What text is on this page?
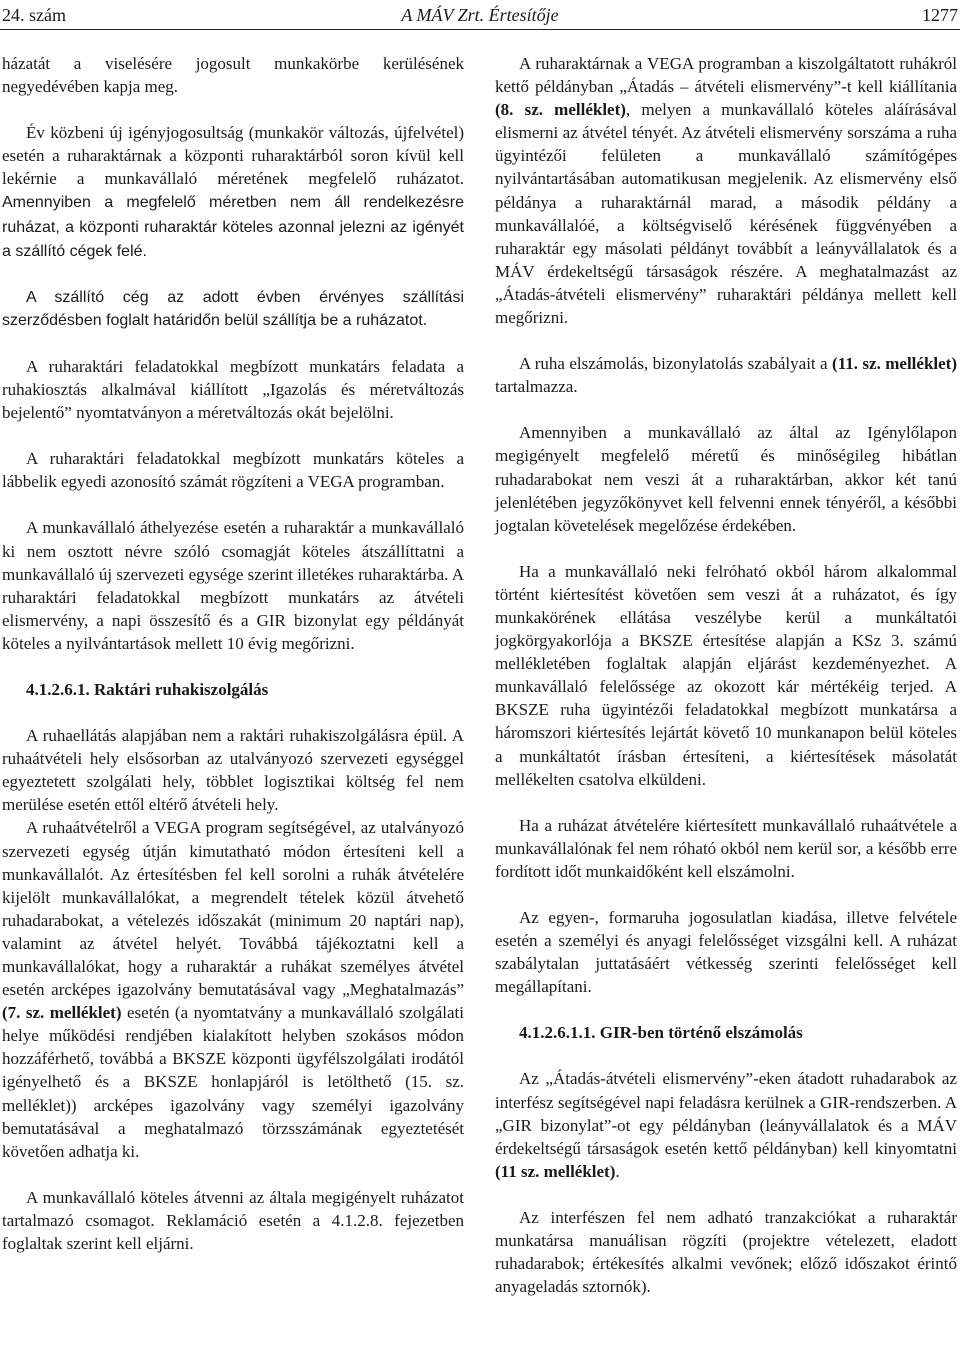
24. szám	A MÁV Zrt. Értesítője	1277

házatát a viselésére jogosult munkakörbe kerülésének negyedévében kapja meg.

Év közbeni új igényjogosultság (munkakör változás, újfelvétel) esetén a ruharaktárnak a központi ruharaktárból soron kívül kell lekérnie a munkavállaló méretének megfelelő ruházatot. Amennyiben a megfelelő méretben nem áll rendelkezésre ruházat, a központi ruharaktár köteles azonnal jelezni az igényét a szállító cégek felé.

A szállító cég az adott évben érvényes szállítási szerződésben foglalt határidőn belül szállítja be a ruházatot.

A ruharaktári feladatokkal megbízott munkatárs feladata a ruhakiosztás alkalmával kiállított „Igazolás és méretváltozás bejelentő” nyomtatványon a méretváltozás okát bejelölni.

A ruharaktári feladatokkal megbízott munkatárs köteles a lábbelik egyedi azonosító számát rögzíteni a VEGA programban.

A munkavállaló áthelyezése esetén a ruharaktár a munkavállaló ki nem osztott névre szóló csomagját köteles átszállíttatni a munkavállaló új szervezeti egysége szerint illetékes ruharaktárba. A ruharaktári feladatokkal megbízott munkatárs az átvételi elismervény, a napi összesítő és a GIR bizonylat egy példányát köteles a nyilvántartások mellett 10 évig megőrizni.

4.1.2.6.1. Raktári ruhakiszolgálás

A ruhaellátás alapjában nem a raktári ruhakiszolgálásra épül. A ruhaátvételi hely elsősorban az utalványozó szervezeti egységgel egyeztetett szolgálati hely, többlet logisztikai költség fel nem merülése esetén ettől eltérő átvételi hely.

A ruhaátvételről a VEGA program segítségével, az utalványozó szervezeti egység útján kimutatható módon értesíteni kell a munkavállalót. Az értesítésben fel kell sorolni a ruhák átvételére kijelölt munkavállalókat, a megrendelt tételek közül átvehető ruhadarabokat, a vételezés időszakát (minimum 20 naptári nap), valamint az átvétel helyét. Továbbá tájékoztatni kell a munkavállalókat, hogy a ruharaktár a ruhákat személyes átvétel esetén arcképes igazolvány bemutatásával vagy „Meghatalmazás” (7. sz. melléklet) esetén (a nyomtatvány a munkavállaló szolgálati helye működési rendjében kialakított helyben szokásos módon hozzáférhető, továbbá a BKSZE központi ügyfélszolgálati irodától igényelhető és a BKSZE honlapjáról is letölthető (15. sz. melléklet)) arcképes igazolvány vagy személyi igazolvány bemutatásával a meghatalmazó törzsszámának egyeztetését követően adhatja ki.

A munkavállaló köteles átvenni az általa megigényelt ruházatot tartalmazó csomagot. Reklamáció esetén a 4.1.2.8. fejezetben foglaltak szerint kell eljárni.

A ruharaktárnak a VEGA programban a kiszolgáltatott ruhákról kettő példányban „Átadás – átvételi elismervény”-t kell kiállítania (8. sz. melléklet), melyen a munkavállaló köteles aláírásával elismerni az átvétel tényét. Az átvételi elismervény sorszáma a ruha ügyintézői felületen a munkavállaló számítógépes nyilvántartásában automatikusan megjelenik. Az elismervény első példánya a ruharaktárnál marad, a második példány a munkavállalóé, a költségviselő kérésének függvényében a ruharaktár egy másolati példányt továbbít a leányvállalatok és a MÁV érdekeltségű társaságok részére. A meghatalmazást az „Átadás-átvételi elismervény” ruharaktári példánya mellett kell megőrizni.

A ruha elszámolás, bizonylatolás szabályait a (11. sz. melléklet) tartalmazza.

Amennyiben a munkavállaló az által az Igénylőlapon megigényelt megfelelő méretű és minőségileg hibátlan ruhadarabokat nem veszi át a ruharaktárban, akkor két tanú jelenlétében jegyzőkönyvet kell felvenni ennek tényéről, a későbbi jogtalan követelések megelőzése érdekében.

Ha a munkavállaló neki felróható okból három alkalommal történt kiértesítést követően sem veszi át a ruházatot, és így munkakörének ellátása veszélybe kerül a munkáltatói jogkörgyakorlója a BKSZE értesítése alapján a KSz 3. számú mellékletében foglaltak alapján eljárást kezdeményezhet. A munkavállaló felelőssége az okozott kár mértékéig terjed. A BKSZE ruha ügyintézői feladatokkal megbízott munkatársa a háromszori kiértesítés lejártát követő 10 munkanapon belül köteles a munkáltatót írásban értesíteni, a kiértesítések másolatát mellékelten csatolva elküldeni.

Ha a ruházat átvételére kiértesített munkavállaló ruhaátvétele a munkavállalónak fel nem róható okból nem kerül sor, a később erre fordított időt munkaidőként kell elszámolni.

Az egyen-, formaruha jogosulatlan kiadása, illetve felvétele esetén a személyi és anyagi felelősséget vizsgálni kell. A ruházat szabálytalan juttatásáért vétkesség szerinti felelősséget kell megállapítani.

4.1.2.6.1.1. GIR-ben történő elszámolás

Az „Átadás-átvételi elismervény”-eken átadott ruhadarabok az interfész segítségével napi feladásra kerülnek a GIR-rendszerben. A „GIR bizonylat”-ot egy példányban (leányvállalatok és a MÁV érdekeltségű társaságok esetén kettő példányban) kell kinyomtatni (11 sz. melléklet).

Az interfészen fel nem adható tranzakciókat a ruharaktár munkatársa manuálisan rögzíti (projektre vételezett, eladott ruhadarabok; értékesítés alkalmi vevőnek; előző időszakot érintő anyageladás sztornók).
